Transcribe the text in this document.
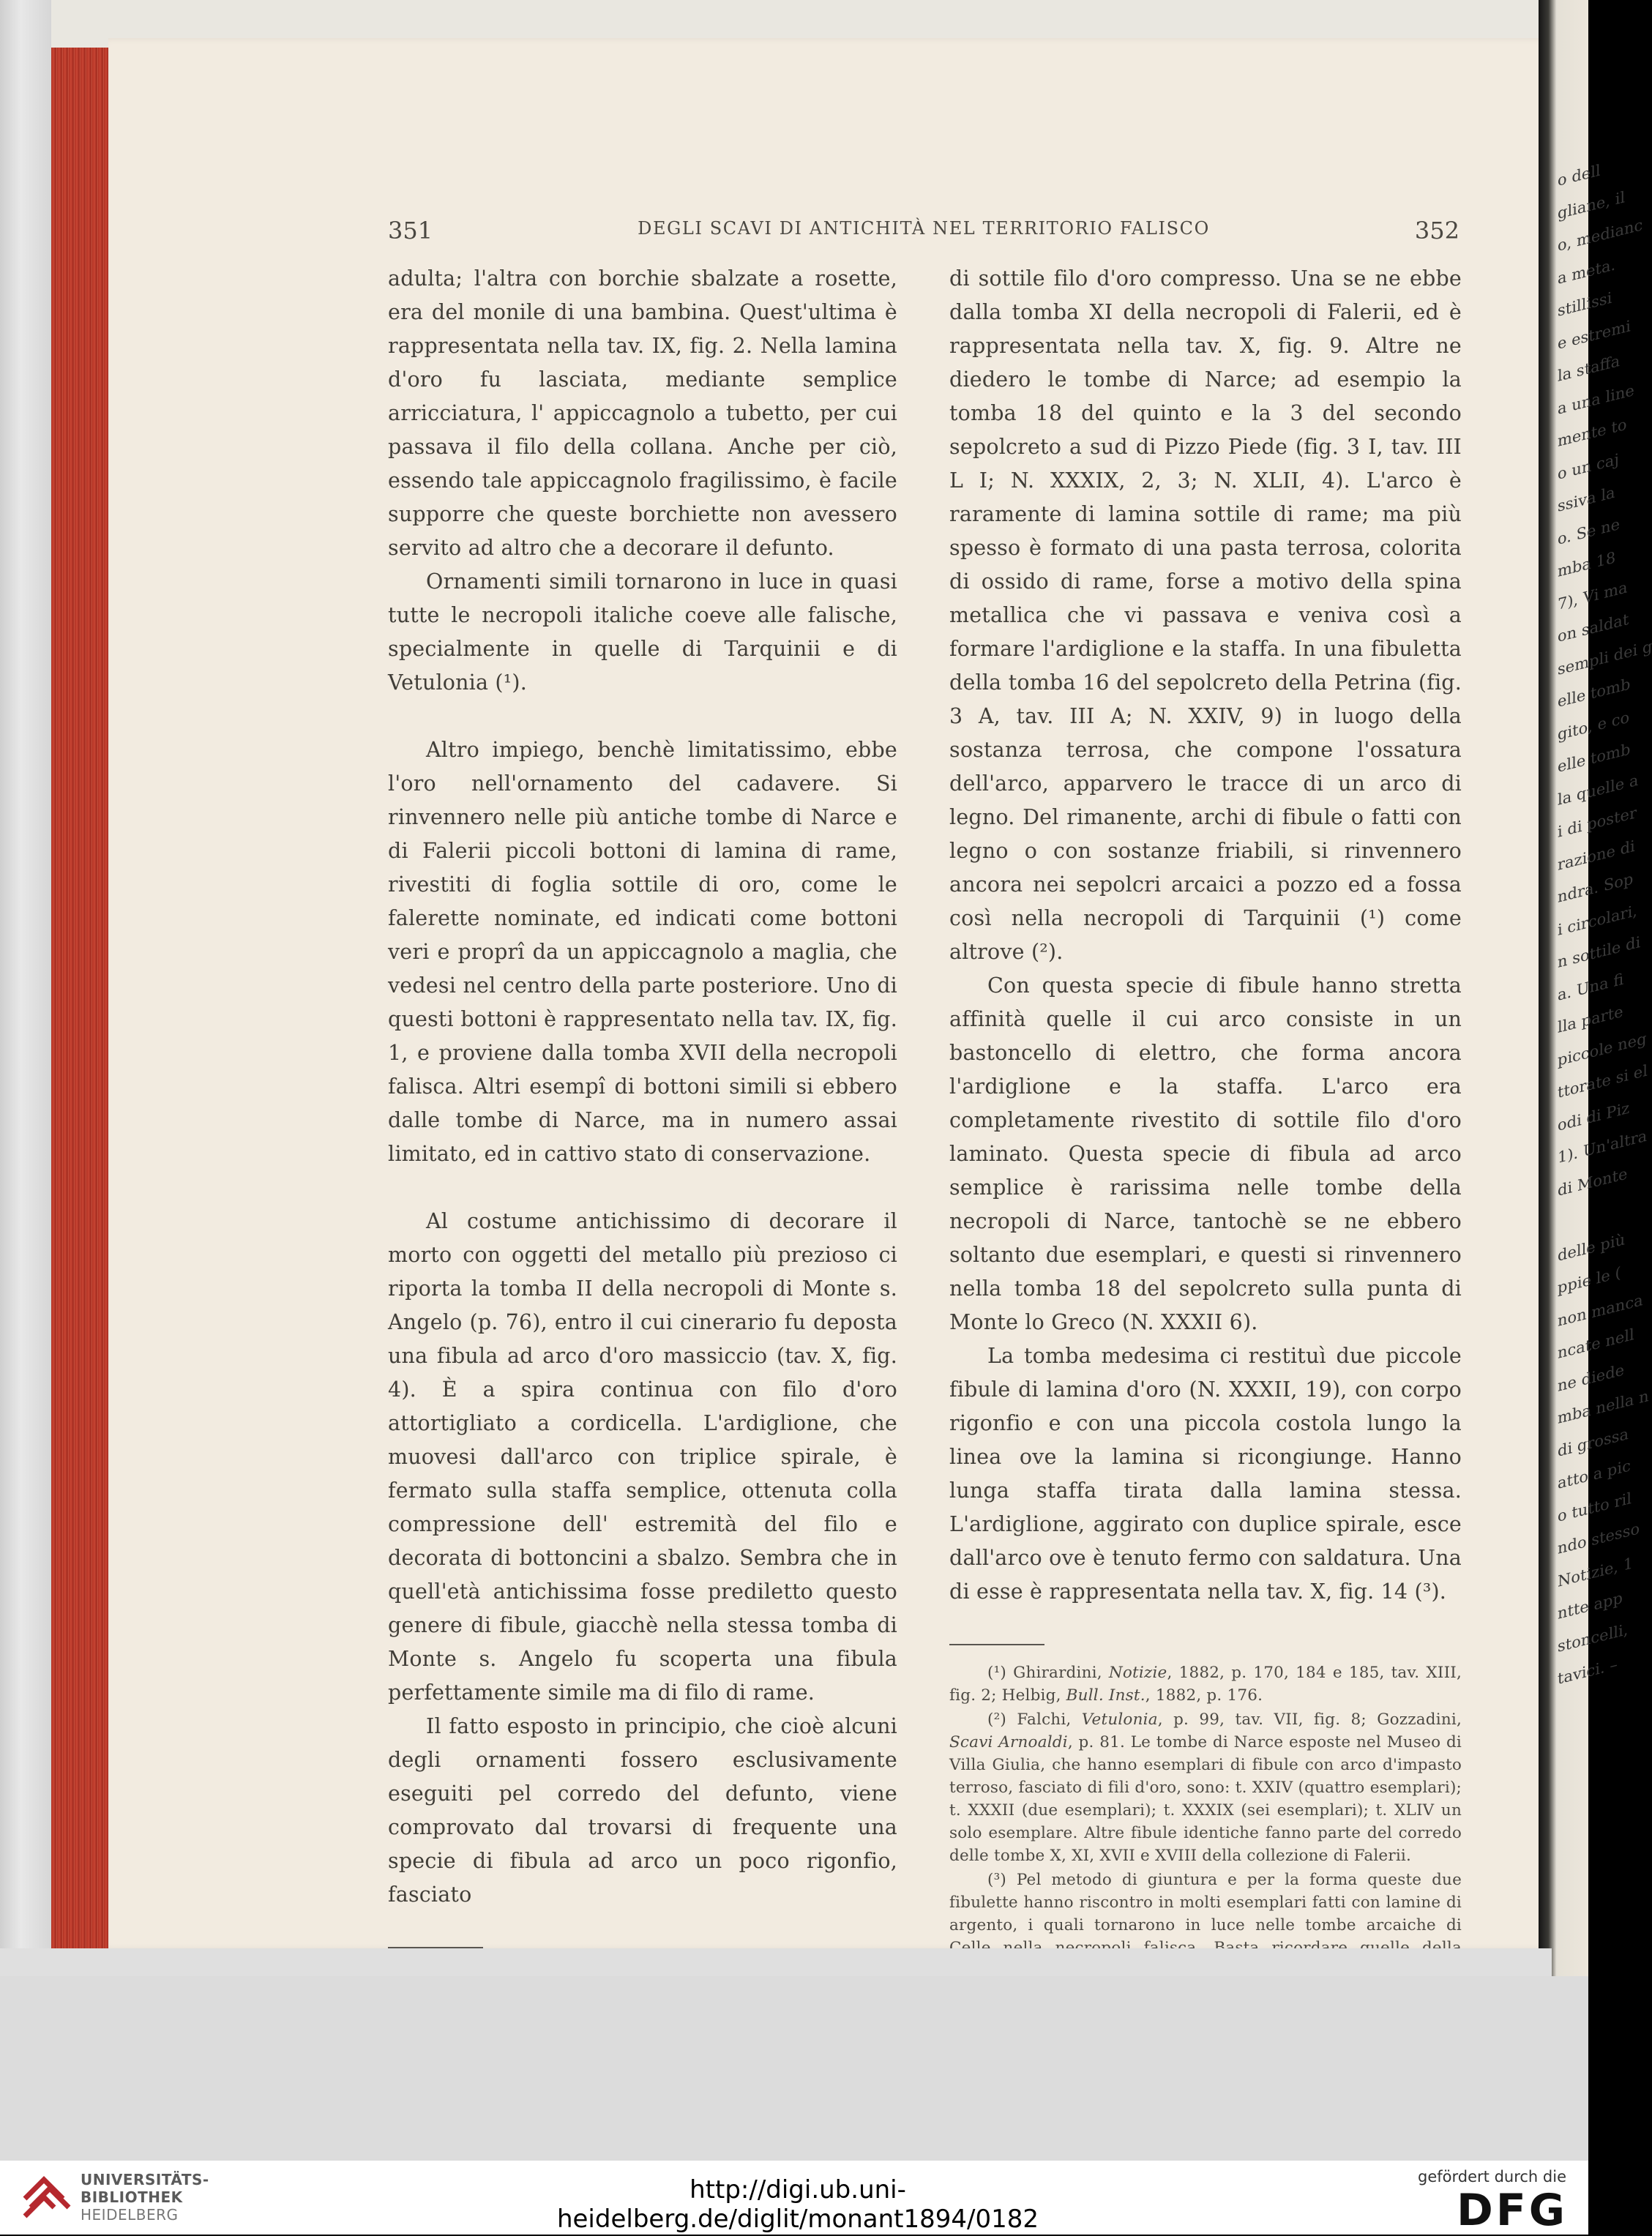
351	DEGLI SCAVI DI ANTICHITÀ NEL TERRITORIO FALISCO	352

adulta; l'altra con borchie sbalzate a rosette, era del monile di una bambina. Quest'ultima è rappresentata nella tav. IX, fig. 2. Nella lamina d'oro fu lasciata, mediante semplice arricciatura, l' appiccagnolo a tubetto, per cui passava il filo della collana. Anche per ciò, essendo tale appiccagnolo fragilissimo, è facile supporre che queste borchiette non avessero servito ad altro che a decorare il defunto.

Ornamenti simili tornarono in luce in quasi tutte le necropoli italiche coeve alle falische, specialmente in quelle di Tarquinii e di Vetulonia (¹).

Altro impiego, benchè limitatissimo, ebbe l'oro nell'ornamento del cadavere. Si rinvennero nelle più antiche tombe di Narce e di Falerii piccoli bottoni di lamina di rame, rivestiti di foglia sottile di oro, come le falerette nominate, ed indicati come bottoni veri e proprî da un appiccagnolo a maglia, che vedesi nel centro della parte posteriore. Uno di questi bottoni è rappresentato nella tav. IX, fig. 1, e proviene dalla tomba XVII della necropoli falisca. Altri esempî di bottoni simili si ebbero dalle tombe di Narce, ma in numero assai limitato, ed in cattivo stato di conservazione.

Al costume antichissimo di decorare il morto con oggetti del metallo più prezioso ci riporta la tomba II della necropoli di Monte s. Angelo (p. 76), entro il cui cinerario fu deposta una fibula ad arco d'oro massiccio (tav. X, fig. 4). È a spira continua con filo d'oro attortigliato a cordicella. L'ardiglione, che muovesi dall'arco con triplice spirale, è fermato sulla staffa semplice, ottenuta colla compressione dell' estremità del filo e decorata di bottoncini a sbalzo. Sembra che in quell'età antichissima fosse prediletto questo genere di fibule, giacchè nella stessa tomba di Monte s. Angelo fu scoperta una fibula perfettamente simile ma di filo di rame.

Il fatto esposto in principio, che cioè alcuni degli ornamenti fossero esclusivamente eseguiti pel corredo del defunto, viene comprovato dal trovarsi di frequente una specie di fibula ad arco un poco rigonfio, fasciato

di sottile filo d'oro compresso. Una se ne ebbe dalla tomba XI della necropoli di Falerii, ed è rappresentata nella tav. X, fig. 9. Altre ne diedero le tombe di Narce; ad esempio la tomba 18 del quinto e la 3 del secondo sepolcreto a sud di Pizzo Piede (fig. 3 I, tav. III L I; N. XXXIX, 2, 3; N. XLII, 4). L'arco è raramente di lamina sottile di rame; ma più spesso è formato di una pasta terrosa, colorita di ossido di rame, forse a motivo della spina metallica che vi passava e veniva così a formare l'ardiglione e la staffa. In una fibuletta della tomba 16 del sepolcreto della Petrina (fig. 3 A, tav. III A; N. XXIV, 9) in luogo della sostanza terrosa, che compone l'ossatura dell'arco, apparvero le tracce di un arco di legno. Del rimanente, archi di fibule o fatti con legno o con sostanze friabili, si rinvennero ancora nei sepolcri arcaici a pozzo ed a fossa così nella necropoli di Tarquinii (¹) come altrove (²).

Con questa specie di fibule hanno stretta affinità quelle il cui arco consiste in un bastoncello di elettro, che forma ancora l'ardiglione e la staffa. L'arco era completamente rivestito di sottile filo d'oro laminato. Questa specie di fibula ad arco semplice è rarissima nelle tombe della necropoli di Narce, tantochè se ne ebbero soltanto due esemplari, e questi si rinvennero nella tomba 18 del sepolcreto sulla punta di Monte lo Greco (N. XXXII 6).

La tomba medesima ci restituì due piccole fibule di lamina d'oro (N. XXXII, 19), con corpo rigonfio e con una piccola costola lungo la linea ove la lamina si ricongiunge. Hanno lunga staffa tirata dalla lamina stessa. L'ardiglione, aggirato con duplice spirale, esce dall'arco ove è tenuto fermo con saldatura. Una di esse è rappresentata nella tav. X, fig. 14 (³).

(¹) Ghirardini, Notizie, 1882, p. 170, 184 e 185, tav. XIII, fig. 2; Helbig, Bull. Inst., 1882, p. 176.

(²) Falchi, Vetulonia, p. 99, tav. VII, fig. 8; Gozzadini, Scavi Arnoaldi, p. 81. Le tombe di Narce esposte nel Museo di Villa Giulia, che hanno esemplari di fibule con arco d'impasto terroso, fasciato di fili d'oro, sono: t. XXIV (quattro esemplari); t. XXXII (due esemplari); t. XXXIX (sei esemplari); t. XLIV un solo esemplare. Altre fibule identiche fanno parte del corredo delle tombe X, XI, XVII e XVIII della collezione di Falerii.

(³) Pel metodo di giuntura e per la forma queste due fibulette hanno riscontro in molti esemplari fatti con lamine di argento, i quali tornarono in luce nelle tombe arcaiche di

o dell
gliane, il
o, medianc
a meta.
stillissi
e estremi
la staffa
a una line
mente to
o un caj
ssiva la
o. Se ne
mba 18
7), Vi ma
on saldat
sempli dei g
elle tomb
gito, e co
elle tomb
la quelle a
i di poster
razione di
ndra. Sop
i circolari,
n sottile di
a. Una fi
lla parte
piccole neg
ttorate si el
odi di Piz
1). Un'altra
di Monte
delle più
ppie le (
non manca
ncate nell
ne diede
mba nella n
di grossa
atto a pic
o tutto ril
ndo stesso
Notizie, 1
ntte app
stoncelli,
tavici. –
UNIVERSITÄTS-
BIBLIOTHEK
HEIDELBERG
http://digi.ub.uni-heidelberg.de/diglit/monant1894/0182
gefördert durch die
DFG
